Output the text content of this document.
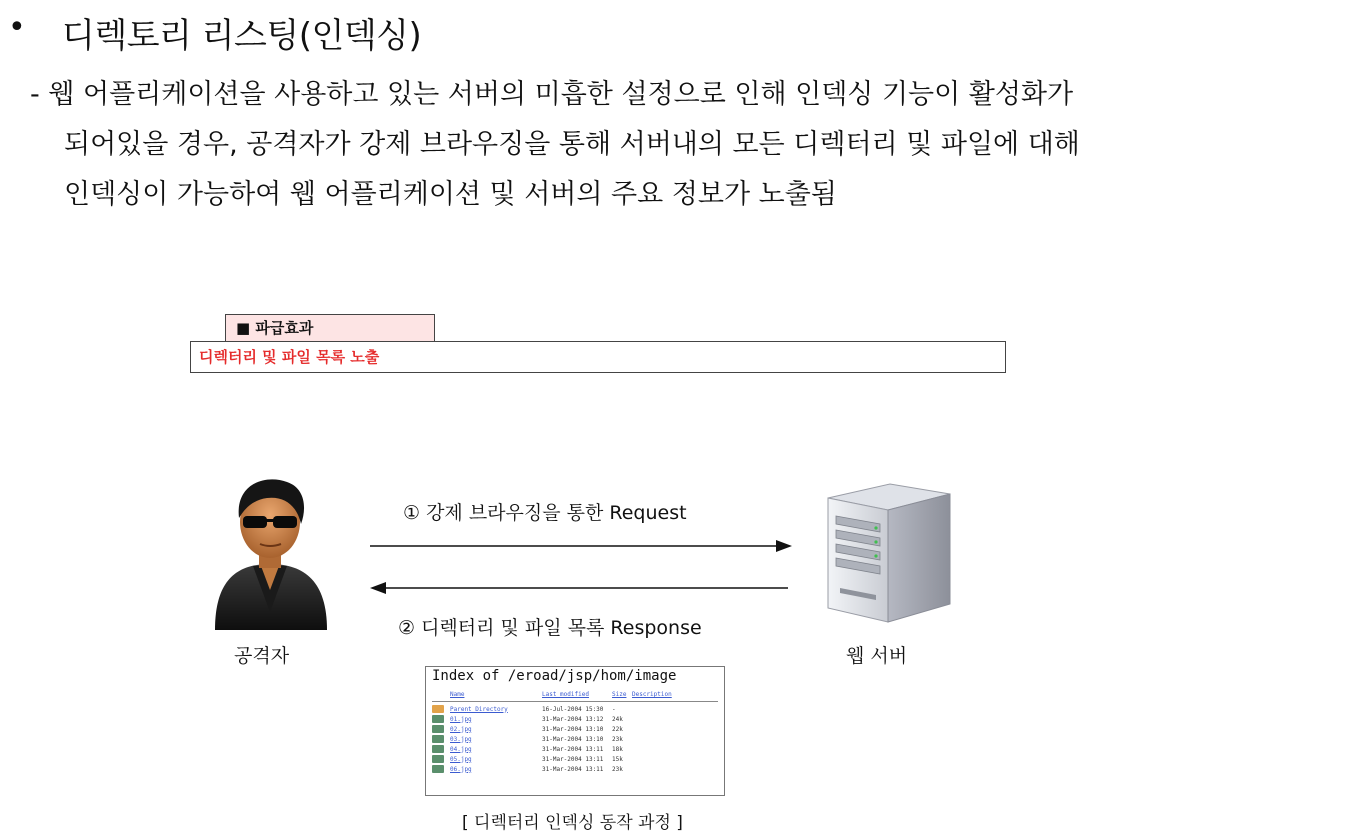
• 디렉토리 리스팅(인덱싱)
- 웹 어플리케이션을 사용하고 있는 서버의 미흡한 설정으로 인해 인덱싱 기능이 활성화가
되어있을 경우, 공격자가 강제 브라우징을 통해 서버내의 모든 디렉터리 및 파일에 대해
인덱싱이 가능하여 웹 어플리케이션 및 서버의 주요 정보가 노출됨
■ 파급효과
디렉터리 및 파일 목록 노출
공격자
① 강제 브라우징을 통한 Request
② 디렉터리 및 파일 목록 Response
웹 서버
Index of /eroad/jsp/hom/image
Name	Last modified	Size Description
Parent Directory	16-Jul-2004 15:30	-
01.jpg	31-Mar-2004 13:12	24k
02.jpg	31-Mar-2004 13:10	22k
03.jpg	31-Mar-2004 13:10	23k
04.jpg	31-Mar-2004 13:11	18k
05.jpg	31-Mar-2004 13:11	15k
06.jpg	31-Mar-2004 13:11	23k
[ 디렉터리 인덱싱 동작 과정 ]
